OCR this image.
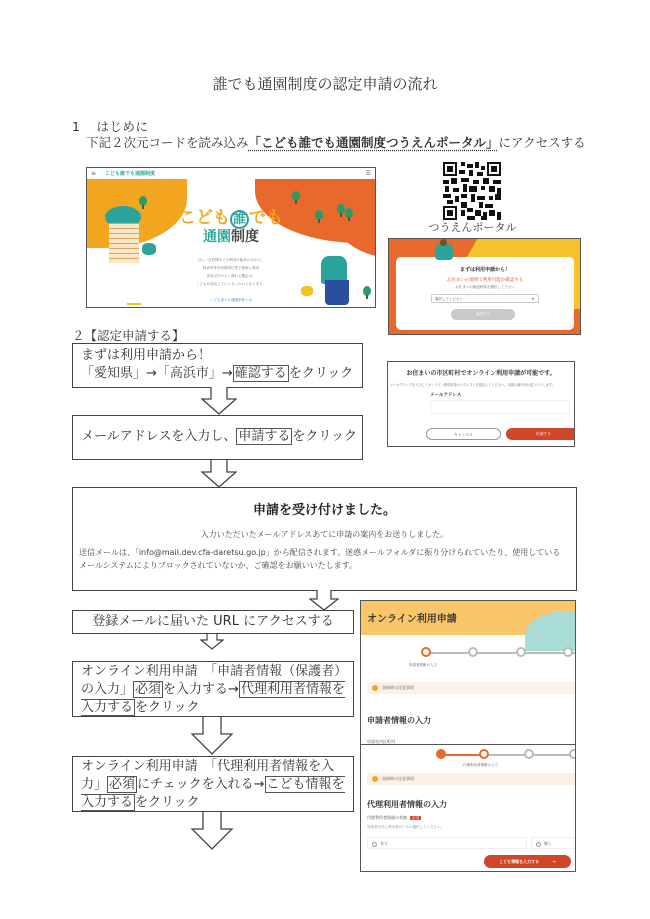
誰でも通園制度の認定申請の流れ
1 はじめに
下記２次元コードを読み込み「こども誰でも通園制度つうえんポータル」にアクセスする
≡ こども誰でも通園制度	☰
こども 誰 でも
通園制度
月に一定時間までの利用可能枠のなかで、
保育所等を時間単位等で柔軟に利用
家庭以外の人と関わる機会は、
こどもが成長していくきっかけとなります。
こども誰でも通園制度とは
つうえんポータル
まずは利用申請から！
お住まいの地域で利用可能か確認する
お住まいの都道府県を選択して下さい
選択してください	▾
確認する
２【認定申請する】
まずは利用申請から！
「愛知県」→「高浜市」→ 確認する をクリック
メールアドレスを入力し、 申請する をクリック
お住まいの市区町村でオンライン利用申請が可能です。
メールアドレスを入力してオンライン利用申請のリクエストを送信してください。申請の案内をお送りいたします。
メールアドレス
キャンセル	申請する
申請を受け付けました。
入力いただいたメールアドレスあてに申請の案内をお送りしました。
送信メールは、「info@mail.dev.cfa-daretsu.go.jp」から配信されます。迷惑メールフォルダに振り分けられていたり、使用しているメールシステムによりブロックされていないか、ご確認をお願いいたします。
登録メールに届いた URL にアクセスする
オンライン利用申請　「申請者情報（保護者）の入力」 必須 を入力する→ 代理利用者情報を入力する をクリック
オンライン利用申請　「代理利用者情報を入力」 必須 にチェックを入れる→ こども情報を入力する をクリック
オンライン利用申請
申請者情報の入力
登録時の注意事項
申請者情報の入力
申請先市区町村
代理利用者情報の入力
登録時の注意事項
代理利用者情報の入力
代理利用者情報の有無 必須
申請者以外に利用者がいるか選択してください。
有り	無し
こども情報を入力する	→
